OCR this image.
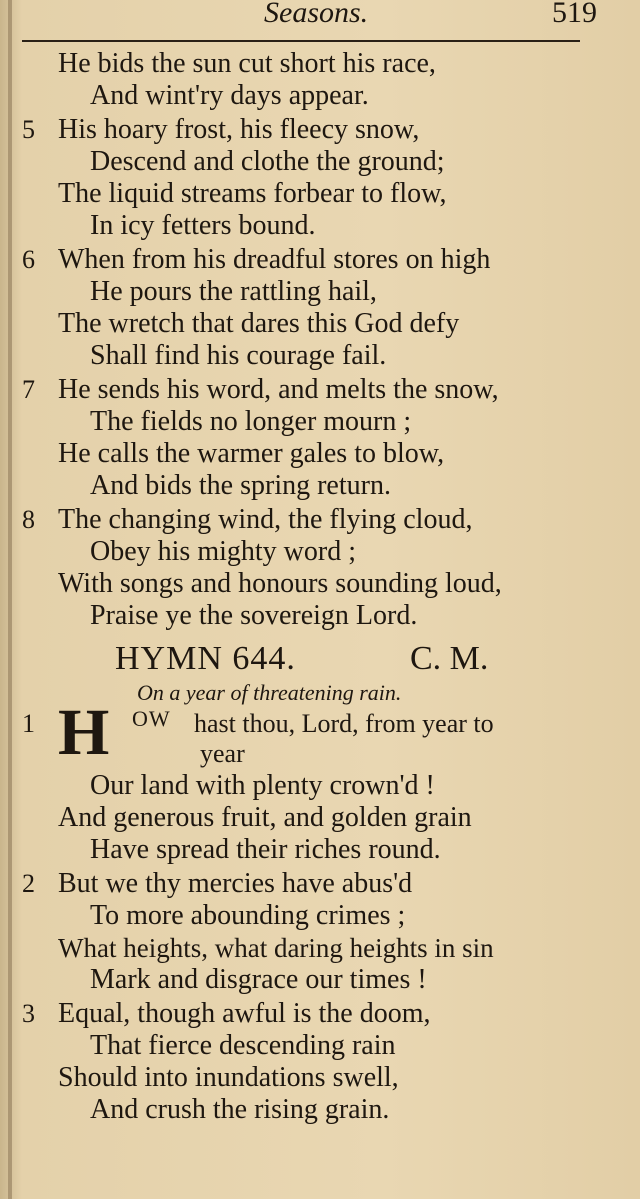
Seasons.	519
He bids the sun cut short his race,
And wint'ry days appear.
5 His hoary frost, his fleecy snow,
Descend and clothe the ground;
The liquid streams forbear to flow,
In icy fetters bound.
6 When from his dreadful stores on high
He pours the rattling hail,
The wretch that dares this God defy
Shall find his courage fail.
7 He sends his word, and melts the snow,
The fields no longer mourn ;
He calls the warmer gales to blow,
And bids the spring return.
8 The changing wind, the flying cloud,
Obey his mighty word ;
With songs and honours sounding loud,
Praise ye the sovereign Lord.
HYMN 644.	C. M.
On a year of threatening rain.
1 H OW hast thou, Lord, from year to
year
Our land with plenty crown'd !
And generous fruit, and golden grain
Have spread their riches round.
2 But we thy mercies have abus'd
To more abounding crimes ;
What heights, what daring heights in sin
Mark and disgrace our times !
3 Equal, though awful is the doom,
That fierce descending rain
Should into inundations swell,
And crush the rising grain.
